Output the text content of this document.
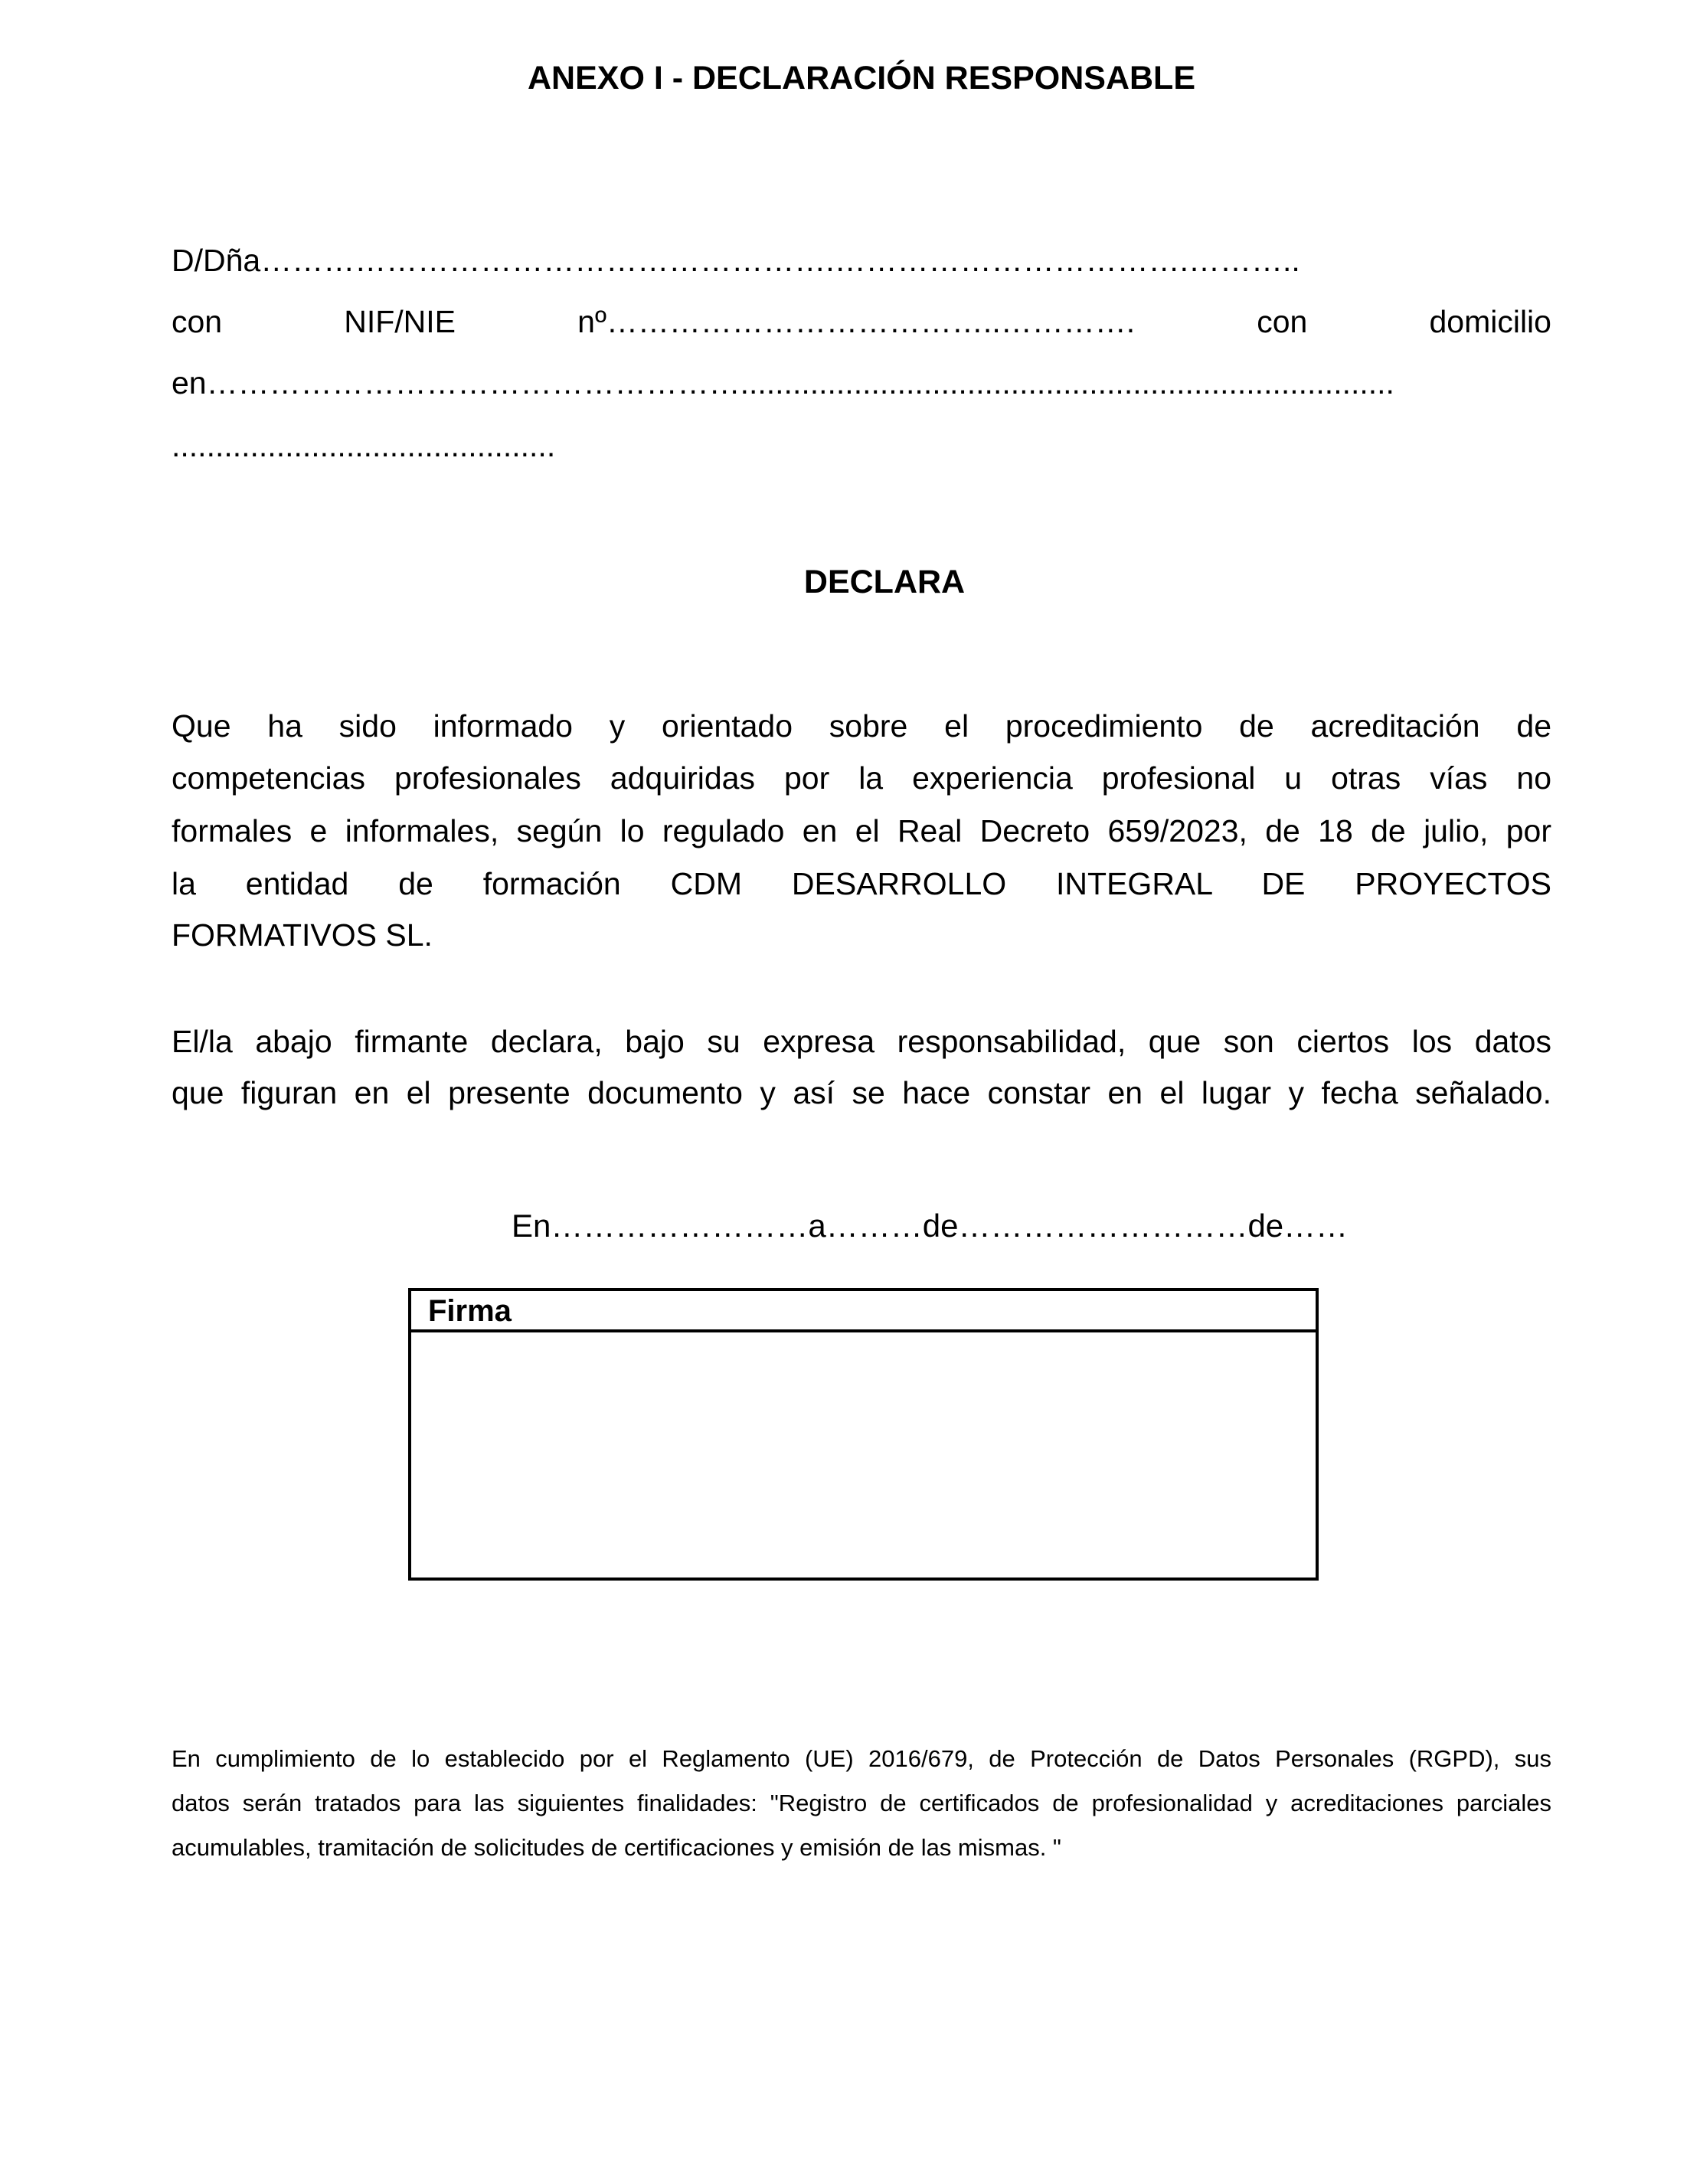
ANEXO I - DECLARACIÓN RESPONSABLE
D/Dña……………………………………………….…………………………….………..
con	NIF/NIE	nº………………………………..………….	con	domicilio
en……………………………………………...........................................................................
............................................
DECLARA
Que ha sido informado y orientado sobre el procedimiento de acreditación de
competencias profesionales adquiridas por la experiencia profesional u otras vías no
formales e informales, según lo regulado en el Real Decreto 659/2023, de 18 de julio, por
la entidad de formación CDM DESARROLLO INTEGRAL DE PROYECTOS
FORMATIVOS SL.
El/la abajo firmante declara, bajo su expresa responsabilidad, que son ciertos los datos
que figuran en el presente documento y así se hace constar en el lugar y fecha señalado.
En……………………a………de………………………de……
Firma
En cumplimiento de lo establecido por el Reglamento (UE) 2016/679, de Protección de Datos Personales (RGPD), sus
datos serán tratados para las siguientes finalidades: "Registro de certificados de profesionalidad y acreditaciones parciales
acumulables, tramitación de solicitudes de certificaciones y emisión de las mismas. "
